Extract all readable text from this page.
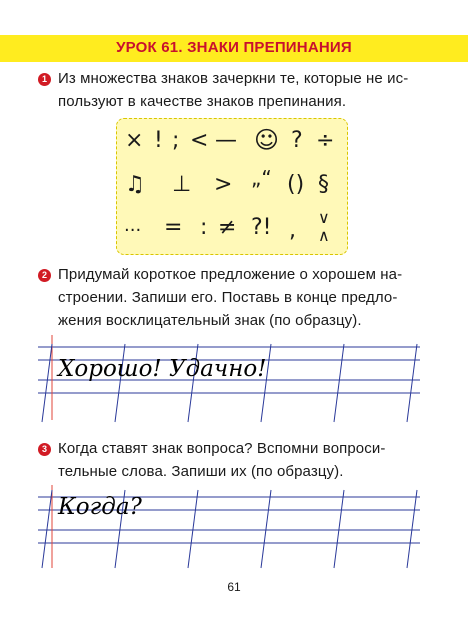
УРОК 61. ЗНАКИ ПРЕПИНАНИЯ
1 Из множества знаков зачеркни те, которые не ис-
пользуют в качестве знаков препинания.
× ! ; < — ☺ ? ÷
♫ ⊥ > „“ () §
... = : ≠ ?! ,
∨
∧
2 Придумай короткое предложение о хорошем на-
строении. Запиши его. Поставь в конце предло-
жения восклицательный знак (по образцу).
Хорошо! Удачно!
3 Когда ставят знак вопроса? Вспомни вопроси-
тельные слова. Запиши их (по образцу).
Когда?
61
